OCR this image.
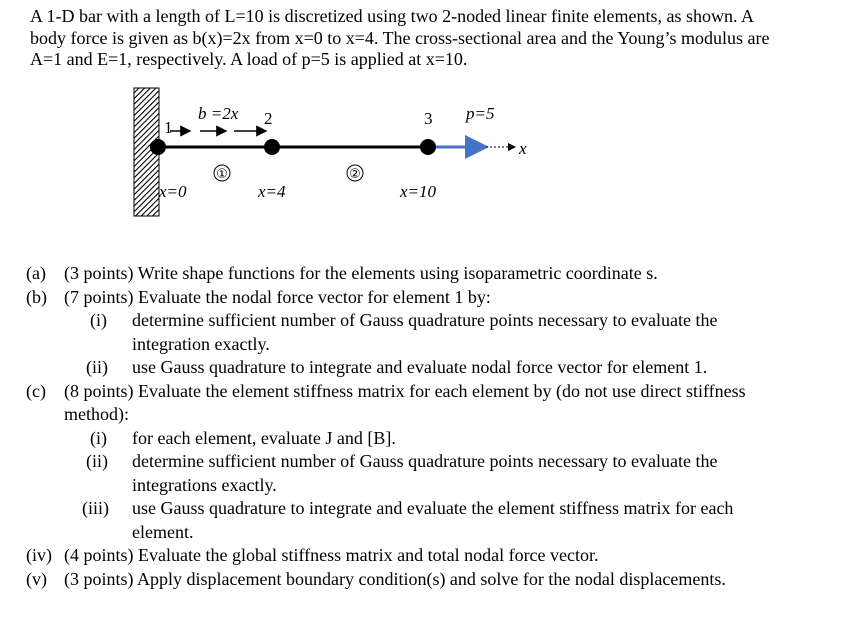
A 1-D bar with a length of L=10 is discretized using two 2-noded linear finite elements, as shown. A
body force is given as b(x)=2x from x=0 to x=4. The cross-sectional area and the Young’s modulus are
A=1 and E=1, respectively. A load of p=5 is applied at x=10.
b =2x	p=5
x
1	2	3
①	②
x=0	x=4	x=10
(a) (3 points) Write shape functions for the elements using isoparametric coordinate s.
(b) (7 points) Evaluate the nodal force vector for element 1 by:
(i) determine sufficient number of Gauss quadrature points necessary to evaluate the
integration exactly.
(ii) use Gauss quadrature to integrate and evaluate nodal force vector for element 1.
(c) (8 points) Evaluate the element stiffness matrix for each element by (do not use direct stiffness
method):
(i) for each element, evaluate J and [B].
(ii) determine sufficient number of Gauss quadrature points necessary to evaluate the
integrations exactly.
(iii) use Gauss quadrature to integrate and evaluate the element stiffness matrix for each
element.
(iv) (4 points) Evaluate the global stiffness matrix and total nodal force vector.
(v) (3 points) Apply displacement boundary condition(s) and solve for the nodal displacements.
